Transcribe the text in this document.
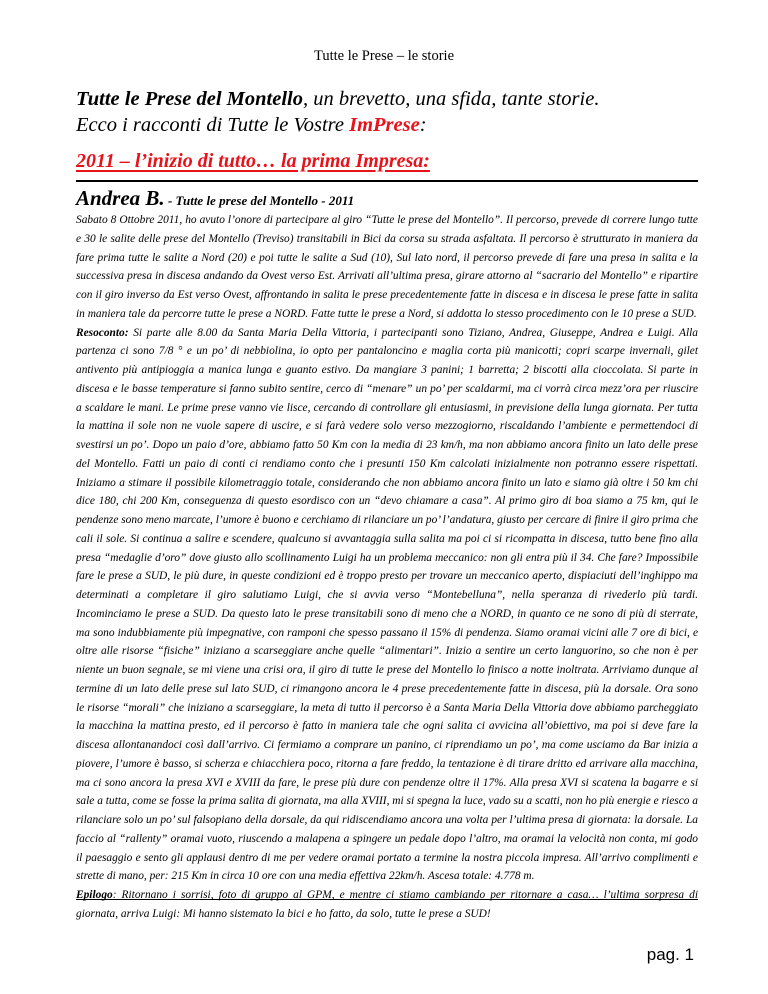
Tutte le Prese – le storie
Tutte le Prese del Montello, un brevetto, una sfida, tante storie.
Ecco i racconti di Tutte le Vostre ImPrese:
2011 – l’inizio di tutto… la prima Impresa:
Andrea B. - Tutte le prese del Montello - 2011

Sabato 8 Ottobre 2011, ho avuto l’onore di partecipare al giro “Tutte le prese del Montello”. Il percorso, prevede di correre lungo tutte e 30 le salite delle prese del Montello (Treviso) transitabili in Bici da corsa su strada asfaltata. Il percorso è strutturato in maniera da fare prima tutte le salite a Nord (20) e poi tutte le salite a Sud (10), Sul lato nord, il percorso prevede di fare una presa in salita e la successiva presa in discesa andando da Ovest verso Est. Arrivati all’ultima presa, girare attorno al “sacrario del Montello” e ripartire con il giro inverso da Est verso Ovest, affrontando in salita le prese precedentemente fatte in discesa e in discesa le prese fatte in salita in maniera tale da percorre tutte le prese a NORD. Fatte tutte le prese a Nord, si addotta lo stesso procedimento con le 10 prese a SUD.

Resoconto: Si parte alle 8.00 da Santa Maria Della Vittoria, i partecipanti sono Tiziano, Andrea, Giuseppe, Andrea e Luigi. Alla partenza ci sono 7/8 ° e un po’ di nebbiolina, io opto per pantaloncino e maglia corta più manicotti; copri scarpe invernali, gilet antivento più antipioggia a manica lunga e guanto estivo. Da mangiare 3 panini; 1 barretta; 2 biscotti alla cioccolata. Si parte in discesa e le basse temperature si fanno subito sentire, cerco di “menare” un po’ per scaldarmi, ma ci vorrà circa mezz’ora per riuscire a scaldare le mani. Le prime prese vanno vie lisce, cercando di controllare gli entusiasmi, in previsione della lunga giornata. Per tutta la mattina il sole non ne vuole sapere di uscire, e si farà vedere solo verso mezzogiorno, riscaldando l’ambiente e permettendoci di svestirsi un po’. Dopo un paio d’ore, abbiamo fatto 50 Km con la media di 23 km/h, ma non abbiamo ancora finito un lato delle prese del Montello. Fatti un paio di conti ci rendiamo conto che i presunti 150 Km calcolati inizialmente non potranno essere rispettati. Iniziamo a stimare il possibile kilometraggio totale, considerando che non abbiamo ancora finito un lato e siamo già oltre i 50 km chi dice 180, chi 200 Km, conseguenza di questo esordisco con un “devo chiamare a casa”. Al primo giro di boa siamo a 75 km, qui le pendenze sono meno marcate, l’umore è buono e cerchiamo di rilanciare un po’ l’andatura, giusto per cercare di finire il giro prima che cali il sole. Si continua a salire e scendere, qualcuno si avvantaggia sulla salita ma poi ci si ricompatta in discesa, tutto bene fino alla presa “medaglie d’oro” dove giusto allo scollinamento Luigi ha un problema meccanico: non gli entra più il 34. Che fare? Impossibile fare le prese a SUD, le più dure, in queste condizioni ed è troppo presto per trovare un meccanico aperto, dispiaciuti dell’inghippo ma determinati a completare il giro salutiamo Luigi, che si avvia verso “Montebelluna”, nella speranza di rivederlo più tardi. Incominciamo le prese a SUD. Da questo lato le prese transitabili sono di meno che a NORD, in quanto ce ne sono di più di sterrate, ma sono indubbiamente più impegnative, con ramponi che spesso passano il 15% di pendenza. Siamo oramai vicini alle 7 ore di bici, e oltre alle risorse “fisiche” iniziano a scarseggiare anche quelle “alimentari”. Inizio a sentire un certo languorino, so che non è per niente un buon segnale, se mi viene una crisi ora, il giro di tutte le prese del Montello lo finisco a notte inoltrata. Arriviamo dunque al termine di un lato delle prese sul lato SUD, ci rimangono ancora le 4 prese precedentemente fatte in discesa, più la dorsale. Ora sono le risorse “morali” che iniziano a scarseggiare, la meta di tutto il percorso è a Santa Maria Della Vittoria dove abbiamo parcheggiato la macchina la mattina presto, ed il percorso è fatto in maniera tale che ogni salita ci avvicina all’obiettivo, ma poi si deve fare la discesa allontanandoci così dall’arrivo. Ci fermiamo a comprare un panino, ci riprendiamo un po’, ma come usciamo da Bar inizia a piovere, l’umore è basso, si scherza e chiacchiera poco, ritorna a fare freddo, la tentazione è di tirare dritto ed arrivare alla macchina, ma ci sono ancora la presa XVI e XVIII da fare, le prese più dure con pendenze oltre il 17%. Alla presa XVI si scatena la bagarre e si sale a tutta, come se fosse la prima salita di giornata, ma alla XVIII, mi si spegna la luce, vado su a scatti, non ho più energie e riesco a rilanciare solo un po’ sul falsopiano della dorsale, da qui ridiscendiamo ancora una volta per l’ultima presa di giornata: la dorsale. La faccio al “rallenty” oramai vuoto, riuscendo a malapena a spingere un pedale dopo l’altro, ma oramai la velocità non conta, mi godo il paesaggio e sento gli applausi dentro di me per vedere oramai portato a termine la nostra piccola impresa. All’arrivo complimenti e strette di mano, per: 215 Km in circa 10 ore con una media effettiva 22km/h. Ascesa totale: 4.778 m.

Epilogo: Ritornano i sorrisi, foto di gruppo al GPM, e mentre ci stiamo cambiando per ritornare a casa… l’ultima sorpresa di giornata, arriva Luigi: Mi hanno sistemato la bici e ho fatto, da solo, tutte le prese a SUD!

pag. 1
